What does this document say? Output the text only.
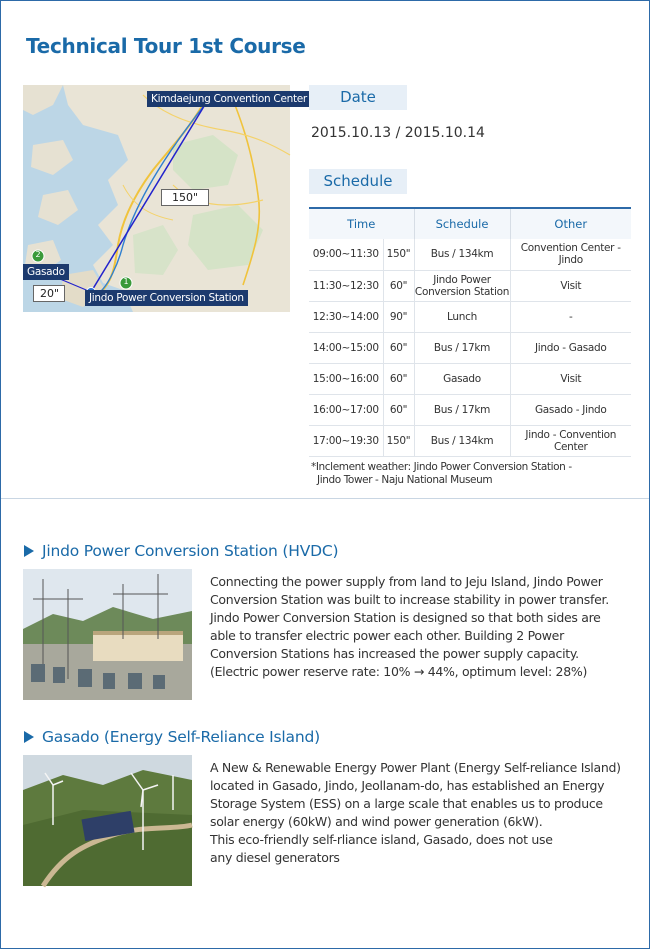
Technical Tour 1st Course
1
2
Kimdaejung Convention Center
Jindo Power Conversion Station
Gasado
150"
20"
Date
2015.10.13 / 2015.10.14
Schedule
Time		Schedule	Other
09:00~11:30	150"	Bus / 134km	Convention Center - Jindo
11:30~12:30	60"	Jindo Power Conversion Station	Visit
12:30~14:00	90"	Lunch	-
14:00~15:00	60"	Bus / 17km	Jindo - Gasado
15:00~16:00	60"	Gasado	Visit
16:00~17:00	60"	Bus / 17km	Gasado - Jindo
17:00~19:30	150"	Bus / 134km	Jindo - Convention Center
*Inclement weather: Jindo Power Conversion Station -
Jindo Tower - Naju National Museum
Jindo Power Conversion Station (HVDC)
Connecting the power supply from land to Jeju Island, Jindo Power
Conversion Station was built to increase stability in power transfer.
Jindo Power Conversion Station is designed so that both sides are
able to transfer electric power each other. Building 2 Power
Conversion Stations has increased the power supply capacity.
(Electric power reserve rate: 10% → 44%, optimum level: 28%)
Gasado (Energy Self-Reliance Island)
A New & Renewable Energy Power Plant (Energy Self-reliance Island)
located in Gasado, Jindo, Jeollanam-do, has established an Energy
Storage System (ESS) on a large scale that enables us to produce
solar energy (60kW) and wind power generation (6kW).
This eco-friendly self-rliance island, Gasado, does not use
any diesel generators
